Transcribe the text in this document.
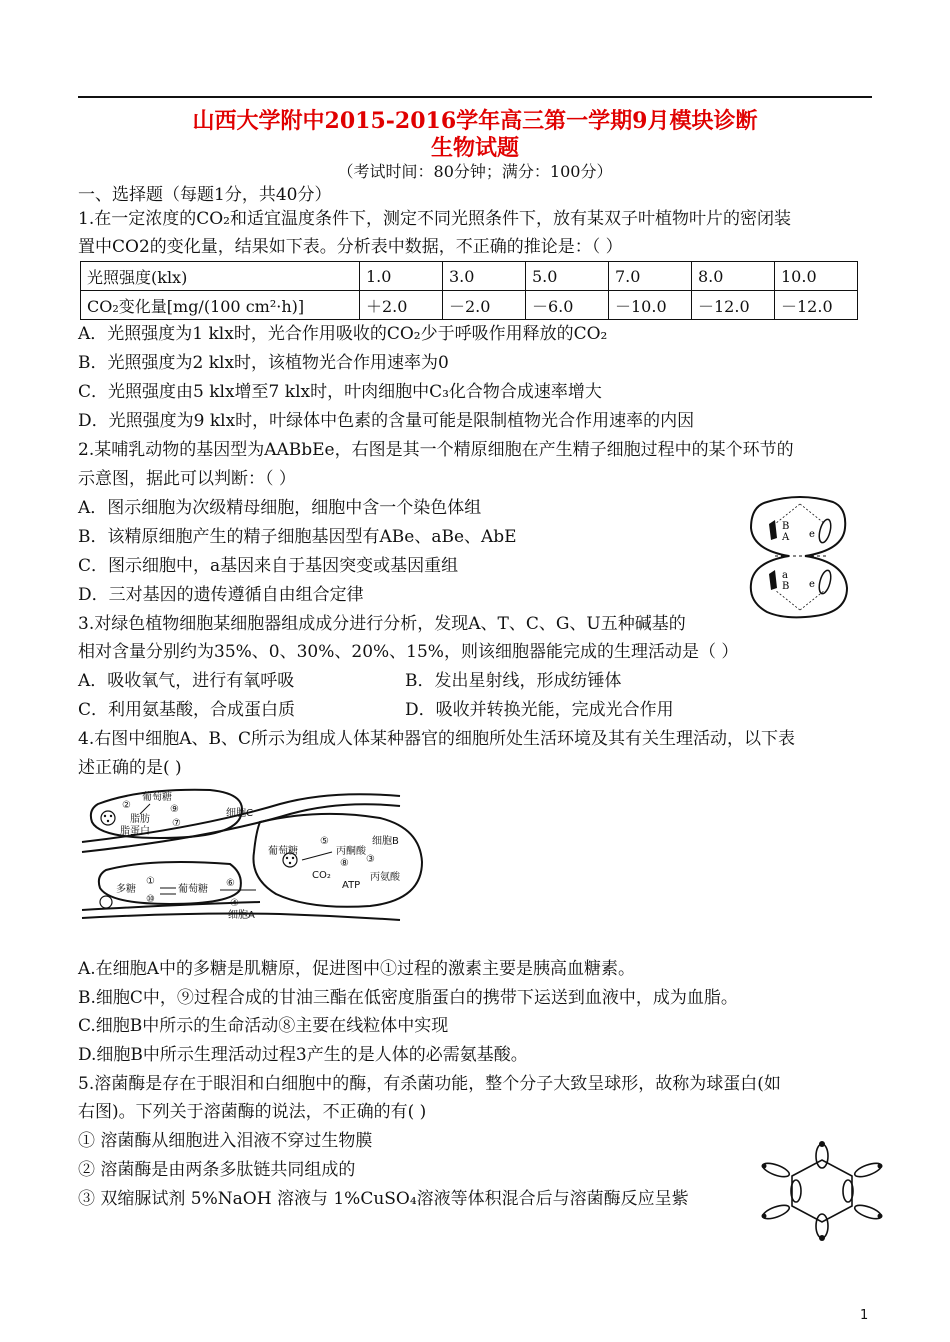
山西大学附中2015-2016学年高三第一学期9月模块诊断
生物试题
（考试时间：80分钟；满分：100分）
一、选择题（每题1分，共40分）
1.在一定浓度的CO₂和适宜温度条件下，测定不同光照条件下，放有某双子叶植物叶片的密闭装
置中CO2的变化量，结果如下表。分析表中数据，不正确的推论是：（ ）
光照强度(klx)	1.0	3.0	5.0	7.0	8.0	10.0
CO₂变化量[mg/(100 cm²·h)]	＋2.0	－2.0	－6.0	－10.0	－12.0	－12.0
A．光照强度为1 klx时，光合作用吸收的CO₂少于呼吸作用释放的CO₂
B．光照强度为2 klx时，该植物光合作用速率为0
C．光照强度由5 klx增至7 klx时，叶肉细胞中C₃化合物合成速率增大
D．光照强度为9 klx时，叶绿体中色素的含量可能是限制植物光合作用速率的内因
2.某哺乳动物的基因型为AABbEe，右图是其一个精原细胞在产生精子细胞过程中的某个环节的
示意图，据此可以判断：（ ）
A．图示细胞为次级精母细胞，细胞中含一个染色体组
B．该精原细胞产生的精子细胞基因型有ABe、aBe、AbE
C．图示细胞中，a基因来自于基因突变或基因重组
D．三对基因的遗传遵循自由组合定律
B
A e
a
B e
3.对绿色植物细胞某细胞器组成成分进行分析，发现A、T、C、G、U五种碱基的
相对含量分别约为35%、0、30%、20%、15%，则该细胞器能完成的生理活动是（ ）
A．吸收氧气，进行有氧呼吸	B．发出星射线，形成纺锤体
C．利用氨基酸，合成蛋白质	D．吸收并转换光能，完成光合作用
4.右图中细胞A、B、C所示为组成人体某种器官的细胞所处生活环境及其有关生理活动，以下表
述正确的是( )
细胞C
细胞B
细胞A
葡萄糖
脂肪
脂蛋白
葡萄糖	丙酮酸
CO₂
ATP
丙氨酸
多糖	葡萄糖
②	⑨
⑦
⑤
③
⑧
①
⑩
⑥
④
A.在细胞A中的多糖是肌糖原，促进图中①过程的激素主要是胰高血糖素。
B.细胞C中，⑨过程合成的甘油三酯在低密度脂蛋白的携带下运送到血液中，成为血脂。
C.细胞B中所示的生命活动⑧主要在线粒体中实现
D.细胞B中所示生理活动过程3产生的是人体的必需氨基酸。
5.溶菌酶是存在于眼泪和白细胞中的酶，有杀菌功能，整个分子大致呈球形，故称为球蛋白(如
右图)。下列关于溶菌酶的说法，不正确的有( )
① 溶菌酶从细胞进入泪液不穿过生物膜
② 溶菌酶是由两条多肽链共同组成的
③ 双缩脲试剂 5%NaOH 溶液与 1%CuSO₄溶液等体积混合后与溶菌酶反应呈紫
1
